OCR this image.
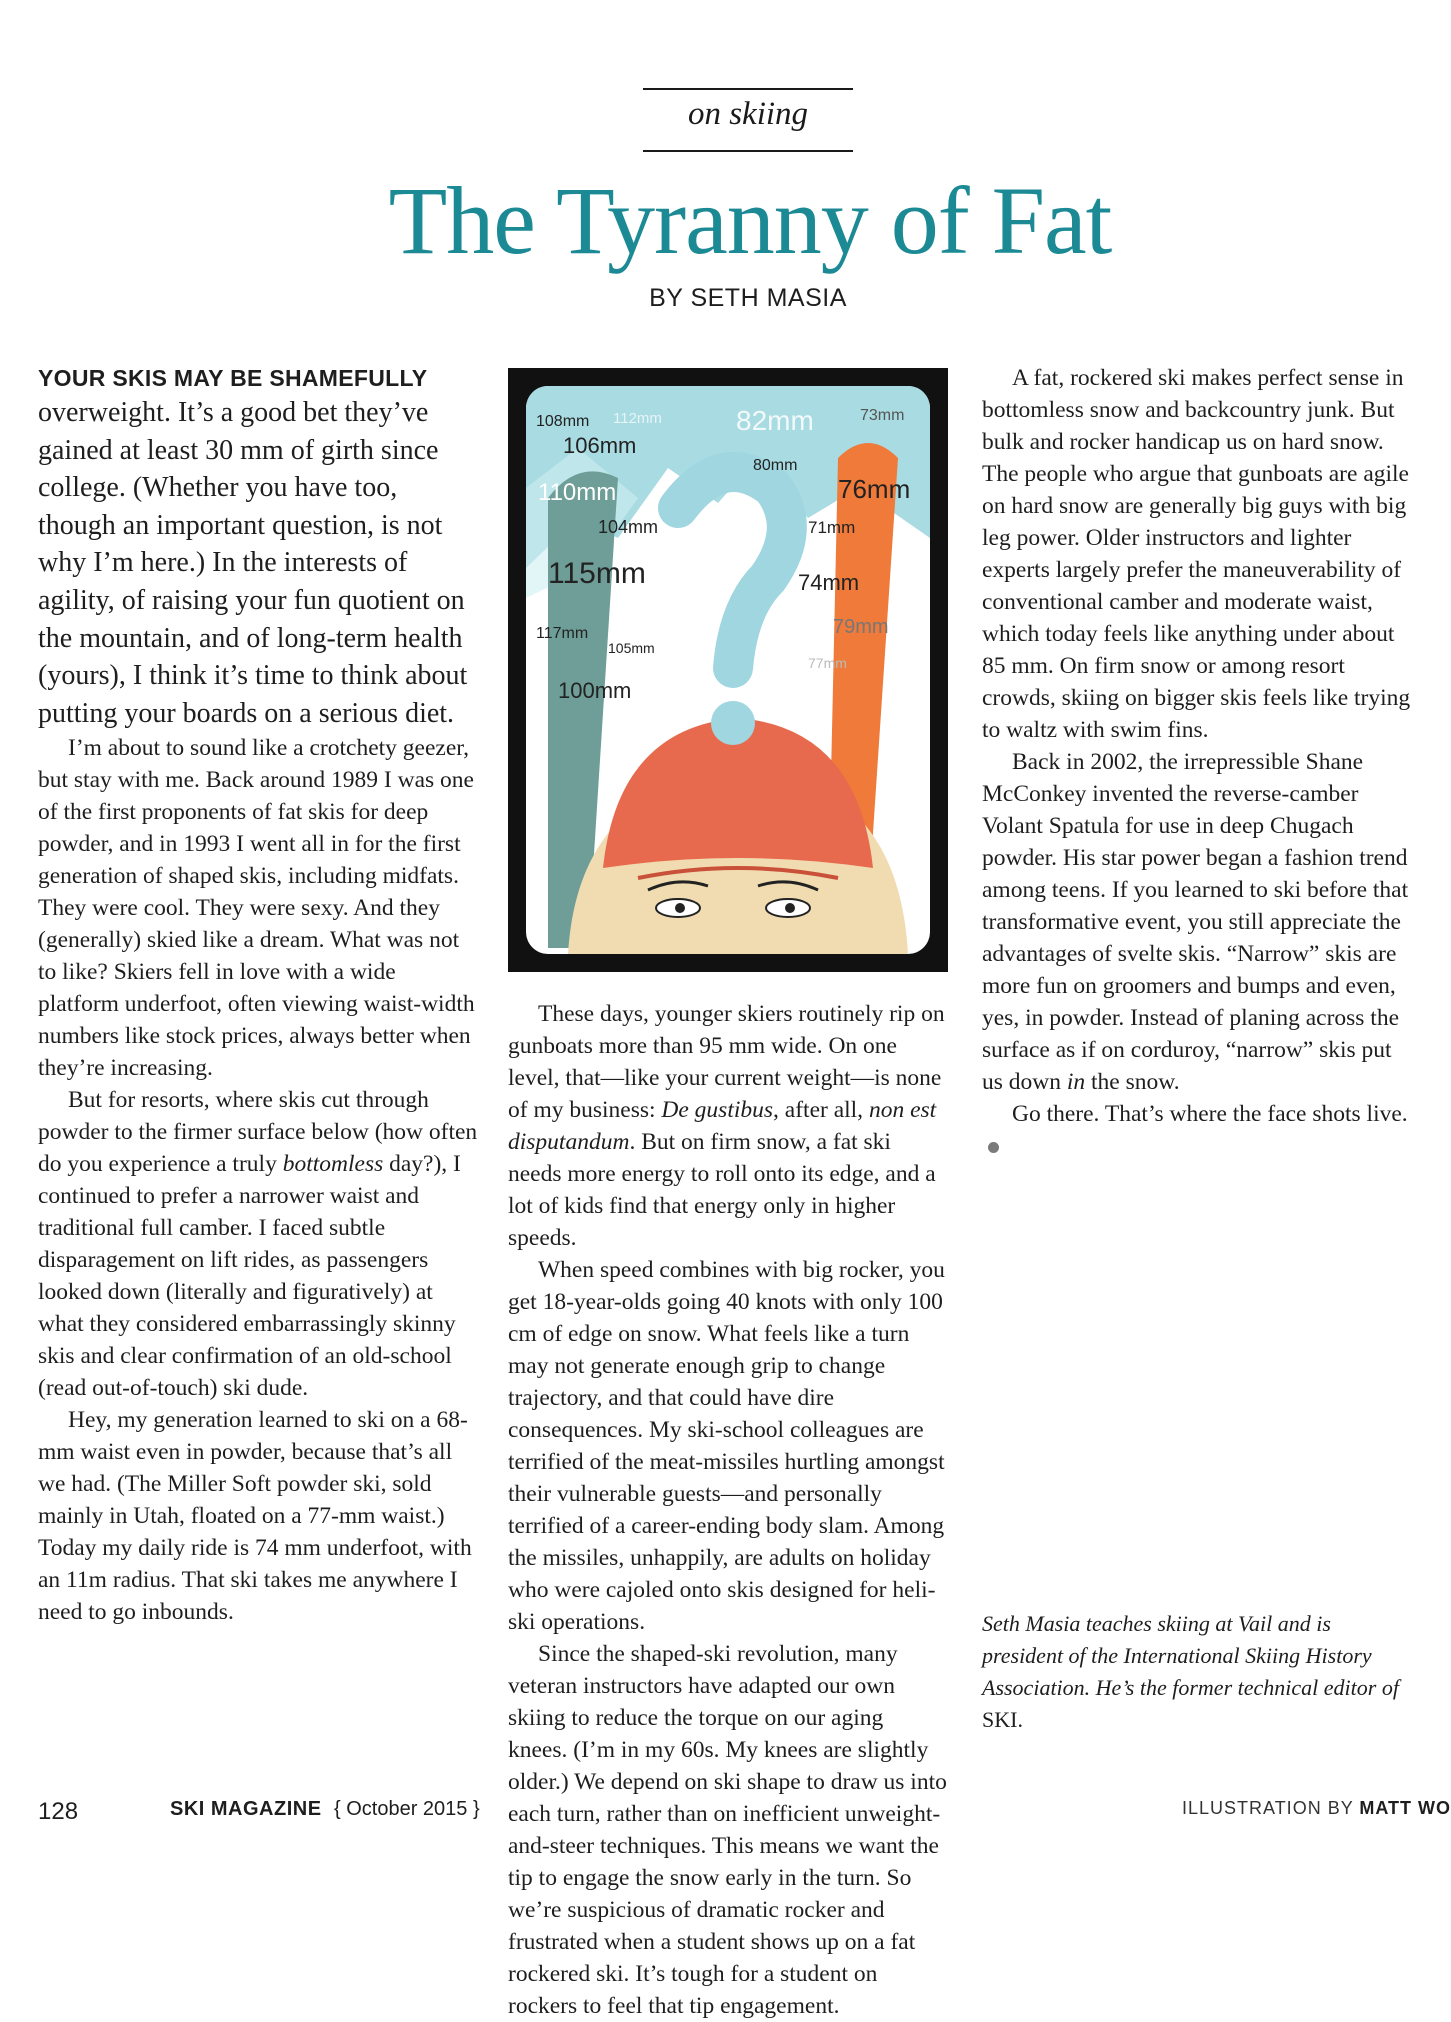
on skiing
The Tyranny of Fat
BY SETH MASIA

YOUR SKIS MAY BE SHAMEFULLY
overweight. It’s a good bet they’ve gained at least 30 mm of girth since college. (Whether you have too, though an important question, is not why I’m here.) In the interests of agility, of raising your fun quotient on the mountain, and of long-term health (yours), I think it’s time to think about putting your boards on a serious diet.

I’m about to sound like a crotchety geezer, but stay with me. Back around 1989 I was one of the first proponents of fat skis for deep powder, and in 1993 I went all in for the first generation of shaped skis, including midfats. They were cool. They were sexy. And they (generally) skied like a dream. What was not to like? Skiers fell in love with a wide platform underfoot, often viewing waist-width numbers like stock prices, always better when they’re increasing.

But for resorts, where skis cut through powder to the firmer surface below (how often do you experience a truly bottomless day?), I continued to prefer a narrower waist and traditional full camber. I faced subtle disparagement on lift rides, as passengers looked down (literally and figuratively) at what they considered embarrassingly skinny skis and clear confirmation of an old-school (read out-of-touch) ski dude.

Hey, my generation learned to ski on a 68-mm waist even in powder, because that’s all we had. (The Miller Soft powder ski, sold mainly in Utah, floated on a 77-mm waist.) Today my daily ride is 74 mm underfoot, with an 11m radius. That ski takes me anywhere I need to go inbounds.

108mm 112mm	82mm	73mm
106mm
80mm
76mm
110mm
104mm	71mm
115mm	74mm
117mm	79mm
105mm
77mm
100mm

These days, younger skiers routinely rip on gunboats more than 95 mm wide. On one level, that—like your current weight—is none of my business: De gustibus, after all, non est disputandum. But on firm snow, a fat ski needs more energy to roll onto its edge, and a lot of kids find that energy only in higher speeds.

When speed combines with big rocker, you get 18-year-olds going 40 knots with only 100 cm of edge on snow. What feels like a turn may not generate enough grip to change trajectory, and that could have dire consequences. My ski-school colleagues are terrified of the meat-missiles hurtling amongst their vulnerable guests—and personally terrified of a career-ending body slam. Among the missiles, unhappily, are adults on holiday who were cajoled onto skis designed for heli-ski operations.

Since the shaped-ski revolution, many veteran instructors have adapted our own skiing to reduce the torque on our aging knees. (I’m in my 60s. My knees are slightly older.) We depend on ski shape to draw us into each turn, rather than on inefficient unweight-and-steer techniques. This means we want the tip to engage the snow early in the turn. So we’re suspicious of dramatic rocker and frustrated when a student shows up on a fat rockered ski. It’s tough for a student on rockers to feel that tip engagement.

A fat, rockered ski makes perfect sense in bottomless snow and backcountry junk. But bulk and rocker handicap us on hard snow. The people who argue that gunboats are agile on hard snow are generally big guys with big leg power. Older instructors and lighter experts largely prefer the maneuverability of conventional camber and moderate waist, which today feels like anything under about 85 mm. On firm snow or among resort crowds, skiing on bigger skis feels like trying to waltz with swim fins.

Back in 2002, the irrepressible Shane McConkey invented the reverse-camber Volant Spatula for use in deep Chugach powder. His star power began a fashion trend among teens. If you learned to ski before that transformative event, you still appreciate the advantages of svelte skis. “Narrow” skis are more fun on groomers and bumps and even, yes, in powder. Instead of planing across the surface as if on corduroy, “narrow” skis put us down in the snow.

Go there. That’s where the face shots live.

Seth Masia teaches skiing at Vail and is president of the International Skiing History Association. He’s the former technical editor of SKI.
128	SKI MAGAZINE { October 2015 }	ILLUSTRATION BY MATT WO
